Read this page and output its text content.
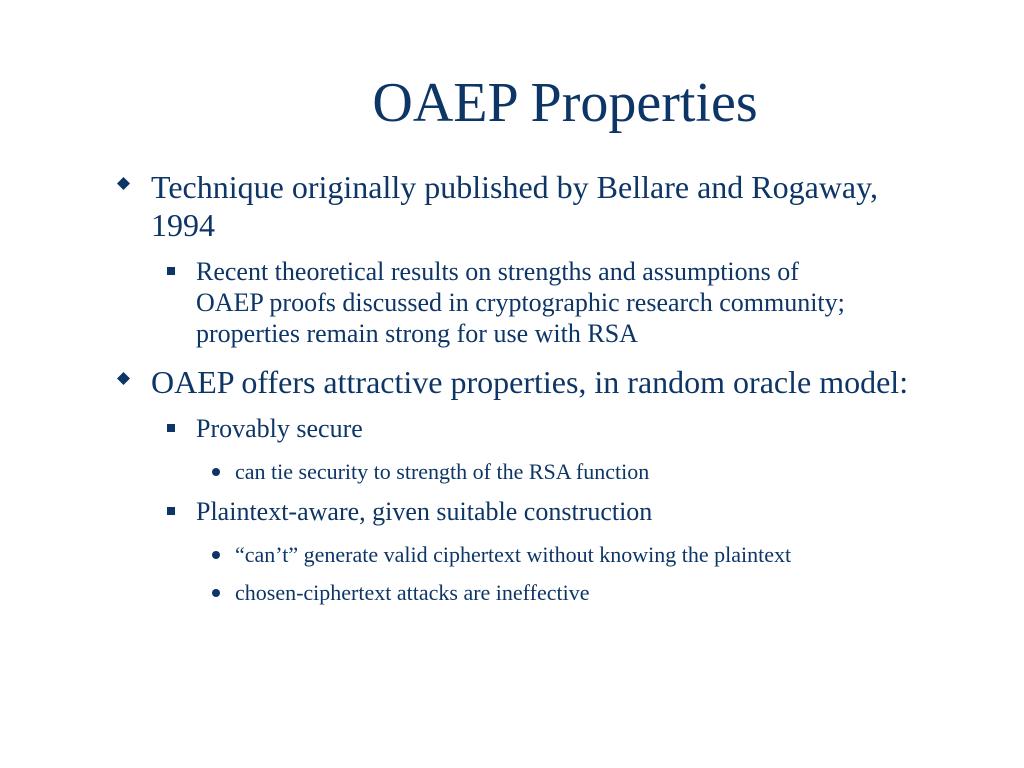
OAEP Properties
Technique originally published by Bellare and Rogaway, 1994
Recent theoretical results on strengths and assumptions of OAEP proofs discussed in cryptographic research community; properties remain strong for use with RSA
OAEP offers attractive properties, in random oracle model:
Provably secure
can tie security to strength of the RSA function
Plaintext-aware, given suitable construction
“can’t” generate valid ciphertext without knowing the plaintext
chosen-ciphertext attacks are ineffective
